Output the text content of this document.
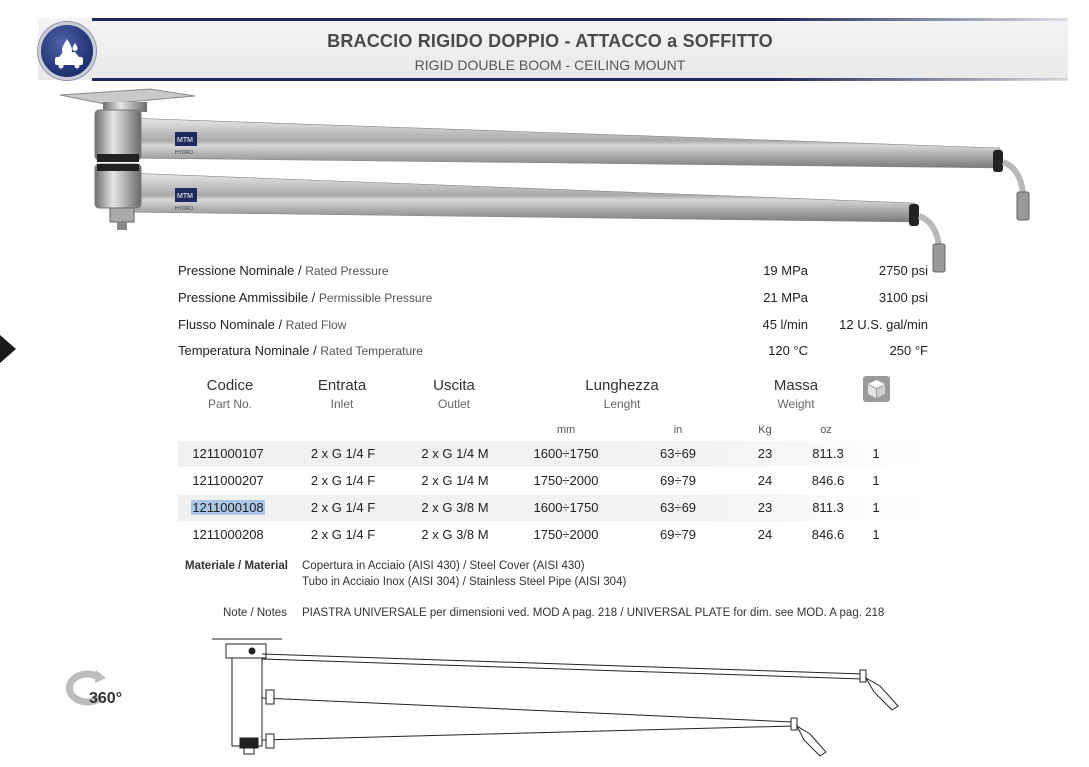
BRACCIO RIGIDO DOPPIO - ATTACCO a SOFFITTO
RIGID DOUBLE BOOM - CEILING MOUNT
MTM
HYDRO
MTM
HYDRO
Pressione Nominale / Rated Pressure	19 MPa	2750 psi
Pressione Ammissibile / Permissible Pressure	21 MPa	3100 psi
Flusso Nominale / Rated Flow	45 l/min	12 U.S. gal/min
Temperatura Nominale / Rated Temperature	120 °C	250 °F
Codice
Part No.
Entrata
Inlet
Uscita
Outlet
Lunghezza
Lenght
Massa
Weight
mm	in	Kg	oz
1211000107	2 x G 1/4 F	2 x G 1/4 M	1600÷1750	63÷69	23	811.3	1
1211000207	2 x G 1/4 F	2 x G 1/4 M	1750÷2000	69÷79	24	846.6	1
1211000108	2 x G 1/4 F	2 x G 3/8 M	1600÷1750	63÷69	23	811.3	1
1211000208	2 x G 1/4 F	2 x G 3/8 M	1750÷2000	69÷79	24	846.6	1
Materiale / Material Copertura in Acciaio (AISI 430) / Steel Cover (AISI 430)
Tubo in Acciaio Inox (AISI 304) / Stainless Steel Pipe (AISI 304)
Note / Notes PIASTRA UNIVERSALE per dimensioni ved. MOD A pag. 218 / UNIVERSAL PLATE for dim. see MOD. A pag. 218
360°
